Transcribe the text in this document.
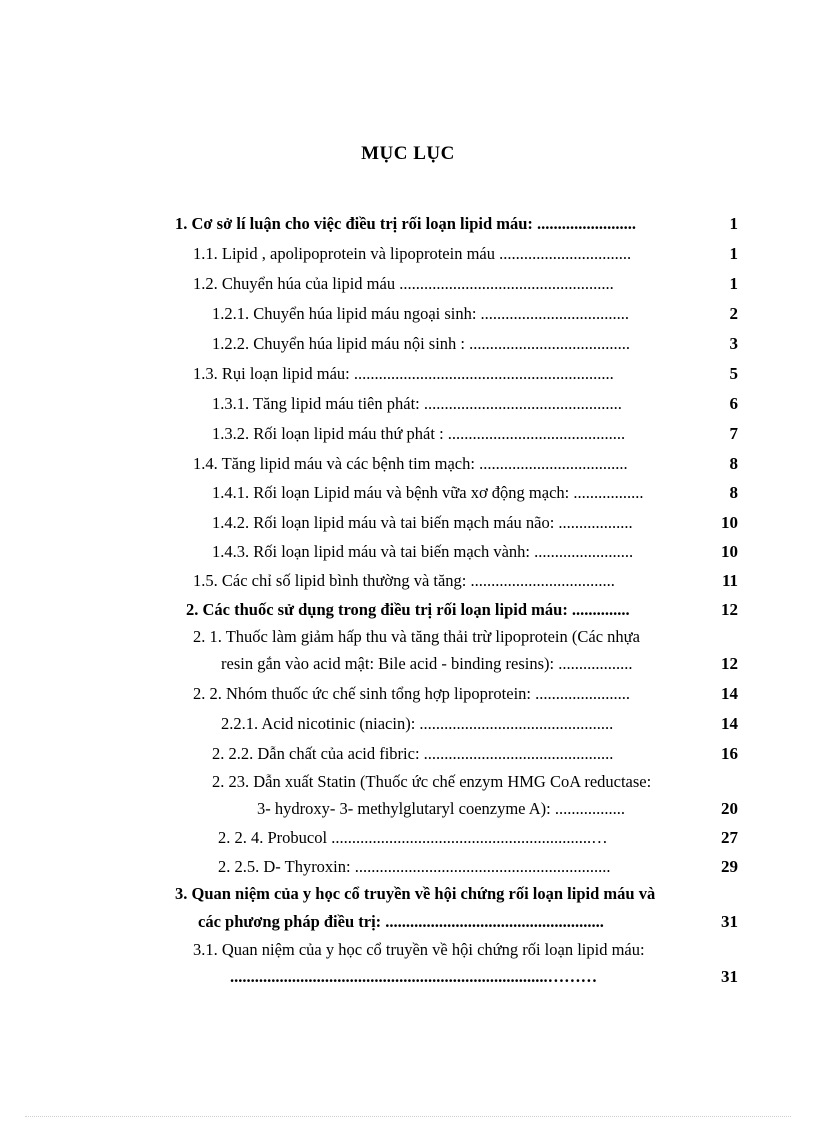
MỤC LỤC
1. Cơ sở lí luận cho việc điều trị rối loạn lipid máu: ........................	1
1.1. Lipid , apolipoprotein và lipoprotein máu ................................	1
1.2. Chuyển húa của lipid máu ....................................................	1
1.2.1. Chuyển húa lipid máu ngoại sinh: ....................................	2
1.2.2. Chuyển húa lipid máu nội sinh : .......................................	3
1.3. Rụi loạn lipid máu: ...............................................................	5
1.3.1. Tăng lipid máu tiên phát: ................................................	6
1.3.2. Rối loạn lipid máu thứ phát : ...........................................	7
1.4. Tăng lipid máu và các bệnh tim mạch: ....................................	8
1.4.1. Rối loạn Lipid máu và bệnh vữa xơ động mạch: .................	8
1.4.2. Rối loạn lipid máu và tai biến mạch máu não: ..................	10
1.4.3. Rối loạn lipid máu và tai biến mạch vành: ........................	10
1.5. Các chỉ số lipid bình thường và tăng: ...................................	11
2. Các thuốc sử dụng trong điều trị rối loạn lipid máu: ..............	12
2. 1. Thuốc làm giảm hấp thu và tăng thải trừ lipoprotein (Các nhựa
resin gắn vào acid mật: Bile acid - binding resins): ..................	12
2. 2. Nhóm thuốc ức chế sinh tổng hợp lipoprotein: .......................	14
2.2.1. Acid nicotinic (niacin): ...............................................	14
2. 2.2. Dẫn chất của acid fibric: ..............................................	16
2. 23. Dẫn xuất Statin (Thuốc ức chế enzym HMG CoA reductase:
3- hydroxy- 3- methylglutaryl coenzyme A): .................	20
2. 2. 4. Probucol ...............................................................…	27
2. 2.5. D- Thyroxin: ..............................................................	29
3. Quan niệm của y học cổ truyền về hội chứng rối loạn lipid máu và
các phương pháp điều trị: .....................................................	31
3.1. Quan niệm của y học cổ truyền về hội chứng rối loạn lipid máu:
.............................................................................………	31
